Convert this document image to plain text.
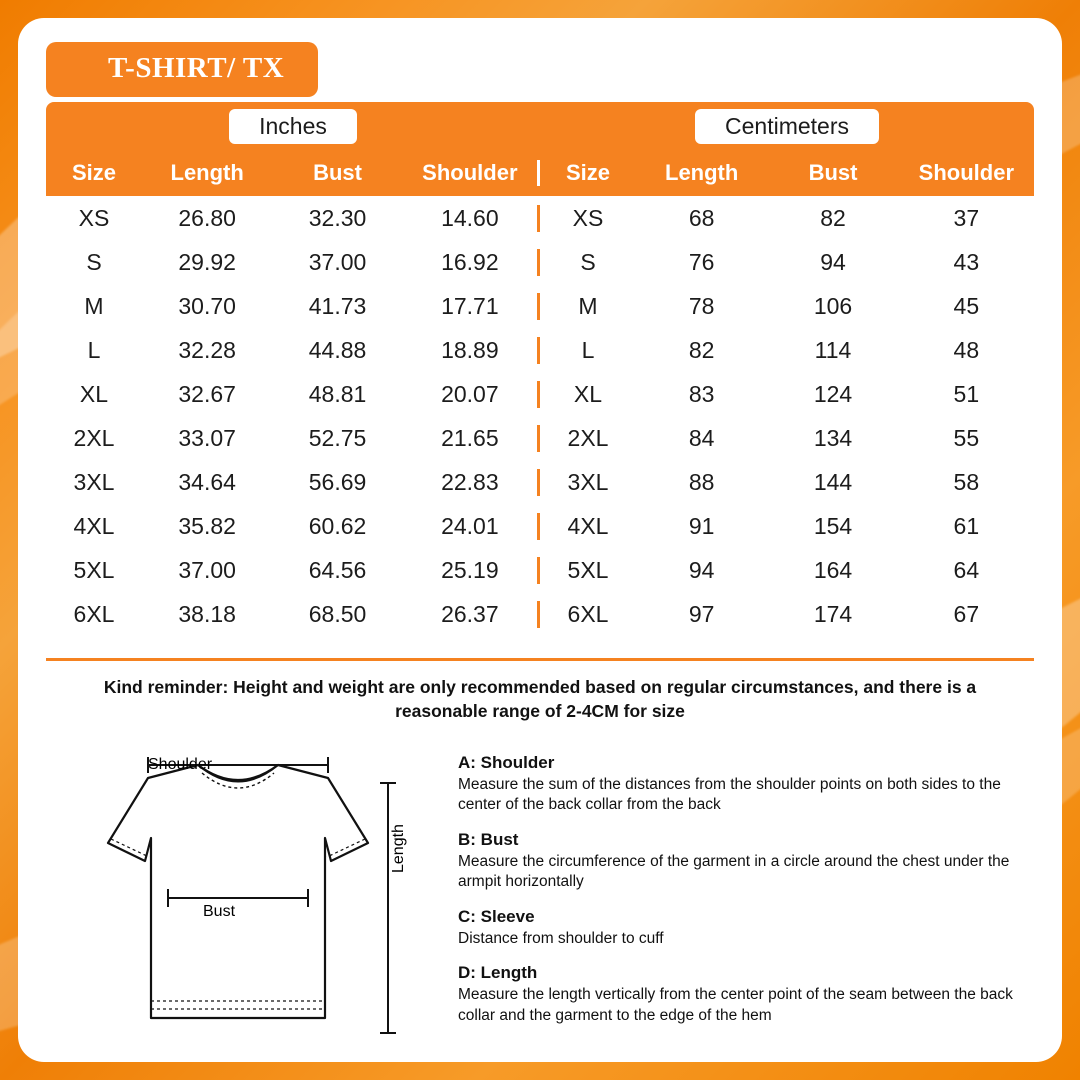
T-SHIRT/ TX
Inches	Centimeters
Size	Length	Bust	Shoulder	Size	Length	Bust	Shoulder
XS	26.80	32.30	14.60	XS	68	82	37
S	29.92	37.00	16.92	S	76	94	43
M	30.70	41.73	17.71	M	78	106	45
L	32.28	44.88	18.89	L	82	114	48
XL	32.67	48.81	20.07	XL	83	124	51
2XL	33.07	52.75	21.65	2XL	84	134	55
3XL	34.64	56.69	22.83	3XL	88	144	58
4XL	35.82	60.62	24.01	4XL	91	154	61
5XL	37.00	64.56	25.19	5XL	94	164	64
6XL	38.18	68.50	26.37	6XL	97	174	67
Kind reminder: Height and weight are only recommended based on regular circumstances, and there is a reasonable range of 2-4CM for size
Shoulder
Bust
Length
A: Shoulder
Measure the sum of the distances from the shoulder points on both sides to the center of the back collar from the back
B: Bust
Measure the circumference of the garment in a circle around the chest under the armpit horizontally
C: Sleeve
Distance from shoulder to cuff
D: Length
Measure the length vertically from the center point of the seam between the back collar and the garment to the edge of the hem
